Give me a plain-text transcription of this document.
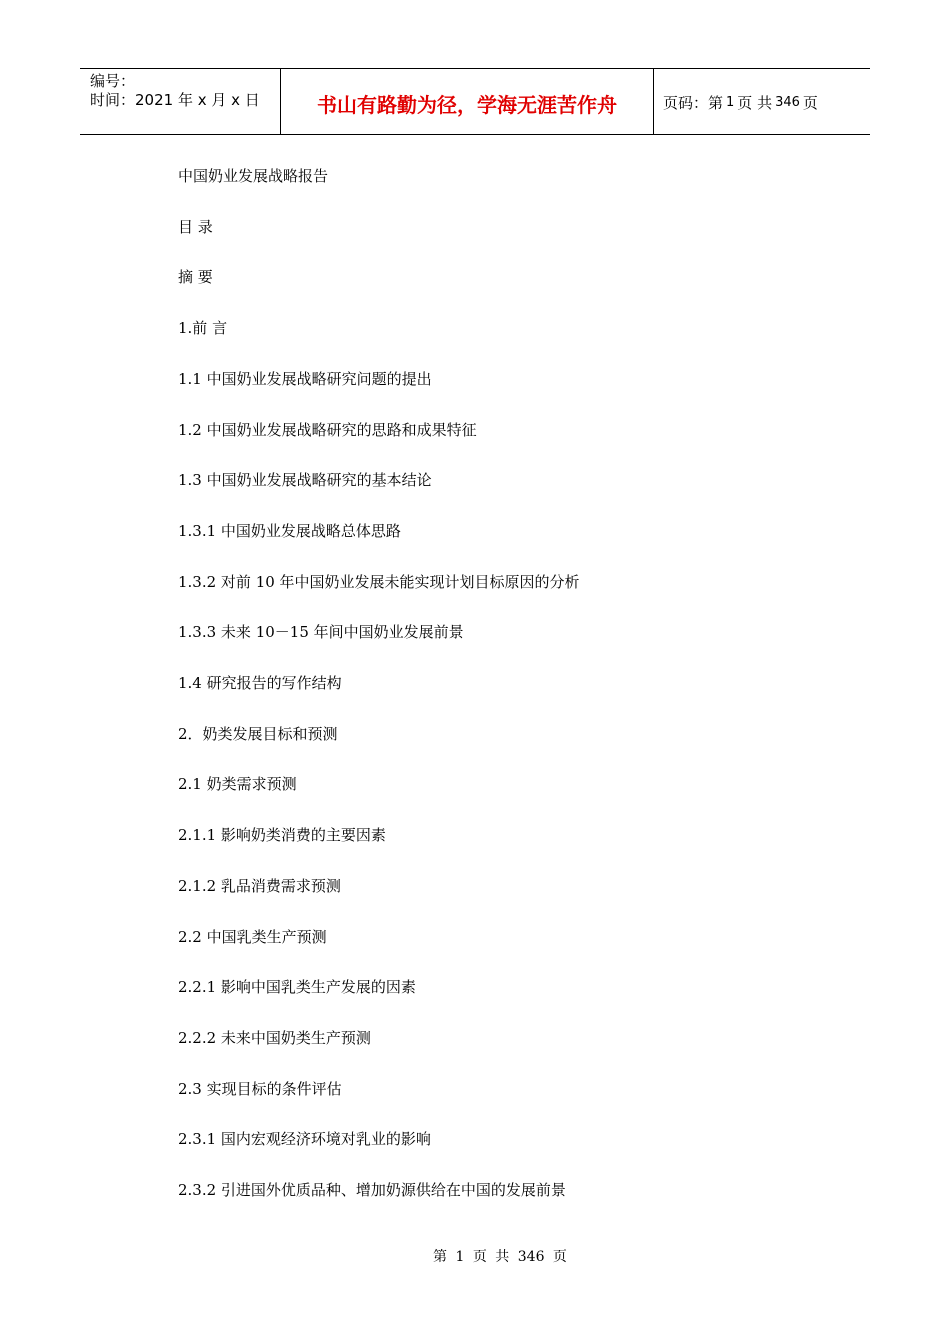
编号：
时间：2021 年 x 月 x 日	书山有路勤为径，学海无涯苦作舟	页码：第 1 页 共 346 页
中国奶业发展战略报告
目 录
摘 要
1.前 言
1.1 中国奶业发展战略研究问题的提出
1.2 中国奶业发展战略研究的思路和成果特征
1.3 中国奶业发展战略研究的基本结论
1.3.1 中国奶业发展战略总体思路
1.3.2 对前 10 年中国奶业发展未能实现计划目标原因的分析
1.3.3 未来 10－15 年间中国奶业发展前景
1.4 研究报告的写作结构
2．奶类发展目标和预测
2.1 奶类需求预测
2.1.1 影响奶类消费的主要因素
2.1.2 乳品消费需求预测
2.2 中国乳类生产预测
2.2.1 影响中国乳类生产发展的因素
2.2.2 未来中国奶类生产预测
2.3 实现目标的条件评估
2.3.1 国内宏观经济环境对乳业的影响
2.3.2 引进国外优质品种、增加奶源供给在中国的发展前景
第 1 页 共 346 页
